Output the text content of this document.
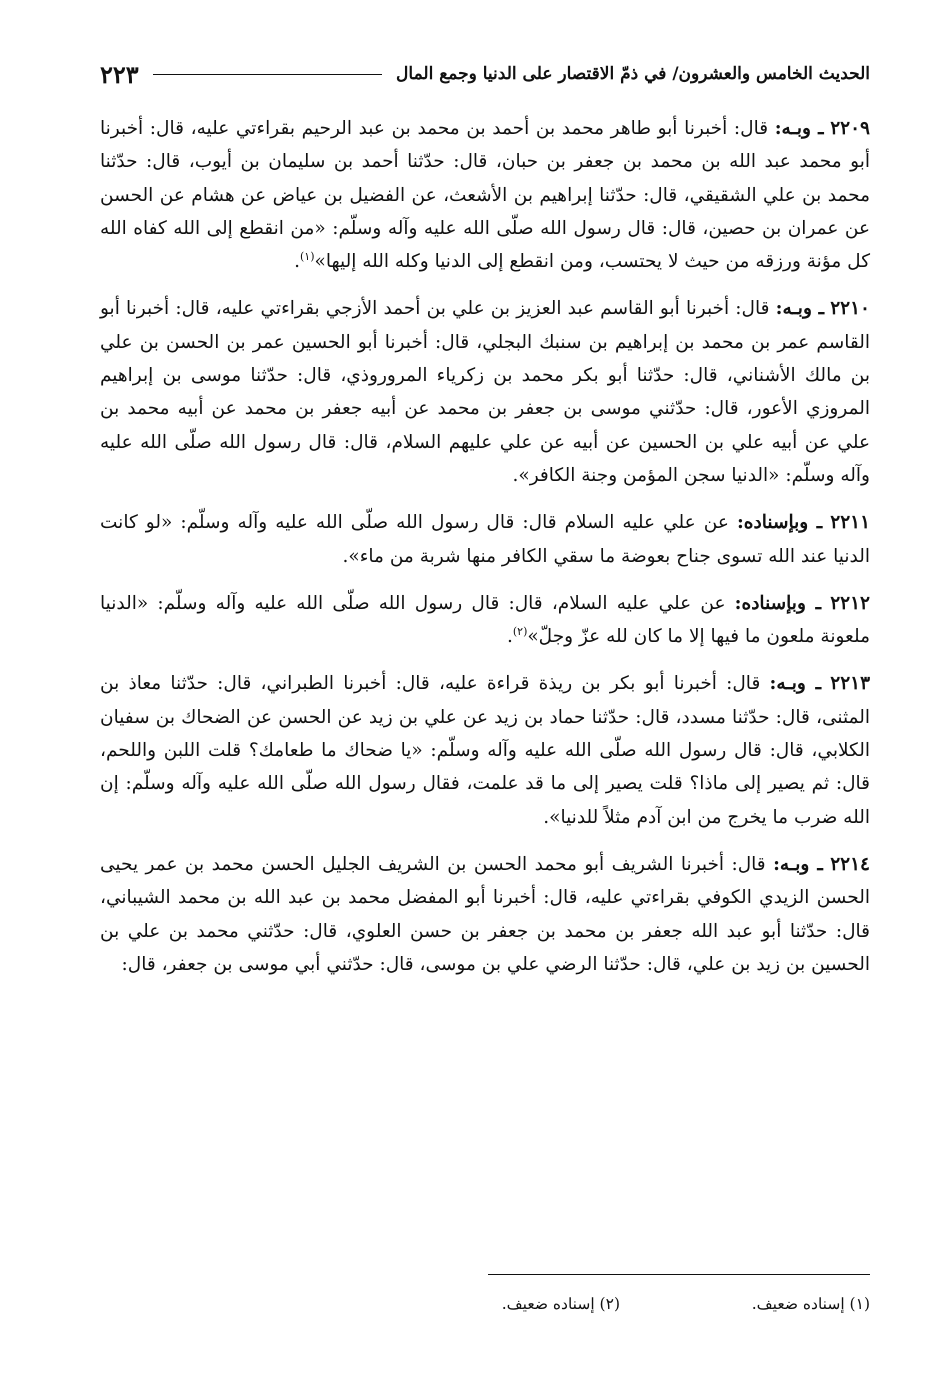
الحديث الخامس والعشرون/ في ذمّ الاقتصار على الدنيا وجمع المال
٢٢٣

٢٢٠٩ ـ وبـه: قال: أخبرنا أبو طاهر محمد بن أحمد بن محمد بن عبد الرحيم بقراءتي عليه، قال: أخبرنا أبو محمد عبد الله بن محمد بن جعفر بن حبان، قال: حدّثنا أحمد بن سليمان بن أيوب، قال: حدّثنا محمد بن علي الشقيقي، قال: حدّثنا إبراهيم بن الأشعث، عن الفضيل بن عياض عن هشام عن الحسن عن عمران بن حصين، قال: قال رسول الله صلّى الله عليه وآله وسلّم: «من انقطع إلى الله كفاه الله كل مؤنة ورزقه من حيث لا يحتسب، ومن انقطع إلى الدنيا وكله الله إليها»$^{(١)}$.

٢٢١٠ ـ وبـه: قال: أخبرنا أبو القاسم عبد العزيز بن علي بن أحمد الأزجي بقراءتي عليه، قال: أخبرنا أبو القاسم عمر بن محمد بن إبراهيم بن سنبك البجلي، قال: أخبرنا أبو الحسين عمر بن الحسن بن علي بن مالك الأشناني، قال: حدّثنا أبو بكر محمد بن زكرياء المروروذي، قال: حدّثنا موسى بن إبراهيم المروزي الأعور، قال: حدّثني موسى بن جعفر بن محمد عن أبيه جعفر بن محمد عن أبيه محمد بن علي عن أبيه علي بن الحسين عن أبيه عن علي عليهم السلام، قال: قال رسول الله صلّى الله عليه وآله وسلّم: «الدنيا سجن المؤمن وجنة الكافر».

٢٢١١ ـ وبإسناده: عن علي عليه السلام قال: قال رسول الله صلّى الله عليه وآله وسلّم: «لو كانت الدنيا عند الله تسوى جناح بعوضة ما سقي الكافر منها شربة من ماء».

٢٢١٢ ـ وبإسناده: عن علي عليه السلام، قال: قال رسول الله صلّى الله عليه وآله وسلّم: «الدنيا ملعونة ملعون ما فيها إلا ما كان لله عزّ وجلّ»$^{(٢)}$.

٢٢١٣ ـ وبـه: قال: أخبرنا أبو بكر بن ريذة قراءة عليه، قال: أخبرنا الطبراني، قال: حدّثنا معاذ بن المثنى، قال: حدّثنا مسدد، قال: حدّثنا حماد بن زيد عن علي بن زيد عن الحسن عن الضحاك بن سفيان الكلابي، قال: قال رسول الله صلّى الله عليه وآله وسلّم: «يا ضحاك ما طعامك؟ قلت اللبن واللحم، قال: ثم يصير إلى ماذا؟ قلت يصير إلى ما قد علمت، فقال رسول الله صلّى الله عليه وآله وسلّم: إن الله ضرب ما يخرج من ابن آدم مثلاً للدنيا».

٢٢١٤ ـ وبـه: قال: أخبرنا الشريف أبو محمد الحسن بن الشريف الجليل الحسن محمد بن عمر يحيى الحسن الزيدي الكوفي بقراءتي عليه، قال: أخبرنا أبو المفضل محمد بن عبد الله بن محمد الشيباني، قال: حدّثنا أبو عبد الله جعفر بن محمد بن جعفر بن حسن العلوي، قال: حدّثني محمد بن علي بن الحسين بن زيد بن علي، قال: حدّثنا الرضي علي بن موسى، قال: حدّثني أبي موسى بن جعفر، قال:

(١) إسناده ضعيف.
(٢) إسناده ضعيف.
